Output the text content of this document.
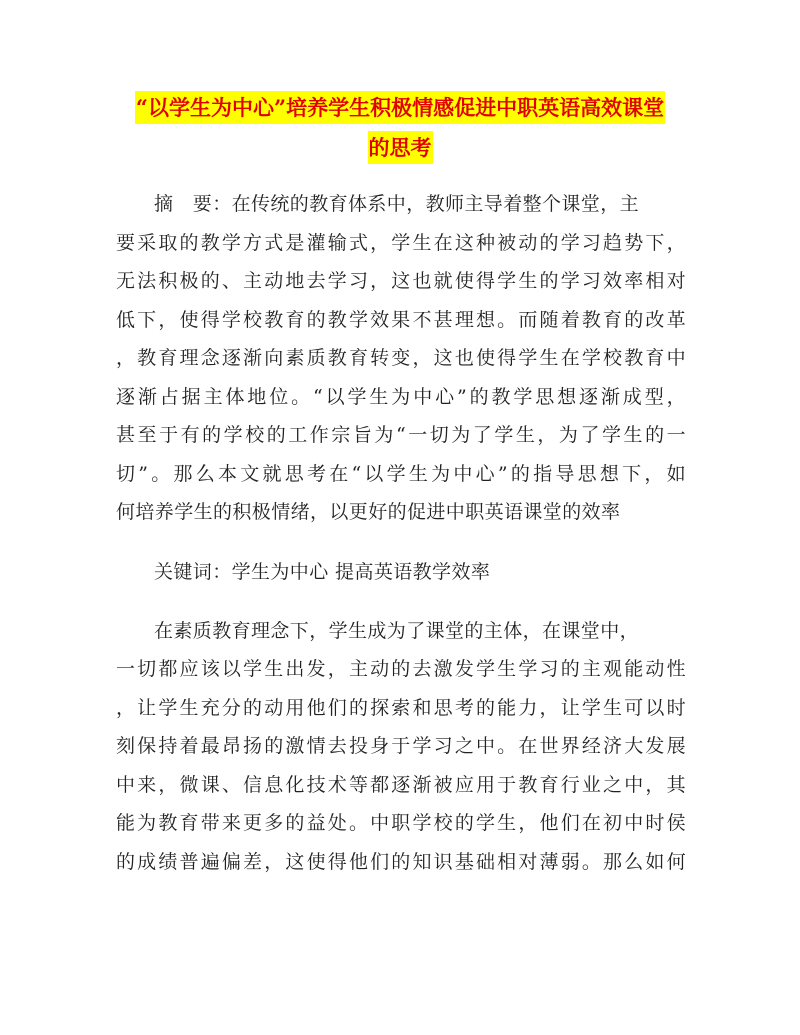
“以学生为中心”培养学生积极情感促进中职英语高效课堂
的思考
摘　要：在传统的教育体系中，教师主导着整个课堂，主
要采取的教学方式是灌输式，学生在这种被动的学习趋势下，
无法积极的、主动地去学习，这也就使得学生的学习效率相对
低下，使得学校教育的教学效果不甚理想。而随着教育的改革
，教育理念逐渐向素质教育转变，这也使得学生在学校教育中
逐渐占据主体地位。“以学生为中心”的教学思想逐渐成型，
甚至于有的学校的工作宗旨为“一切为了学生，为了学生的一
切”。那么本文就思考在“以学生为中心”的指导思想下，如
何培养学生的积极情绪，以更好的促进中职英语课堂的效率
关键词：学生为中心 提高英语教学效率
在素质教育理念下，学生成为了课堂的主体，在课堂中，
一切都应该以学生出发，主动的去激发学生学习的主观能动性
，让学生充分的动用他们的探索和思考的能力，让学生可以时
刻保持着最昂扬的激情去投身于学习之中。在世界经济大发展
中来，微课、信息化技术等都逐渐被应用于教育行业之中，其
能为教育带来更多的益处。中职学校的学生，他们在初中时侯
的成绩普遍偏差，这使得他们的知识基础相对薄弱。那么如何
